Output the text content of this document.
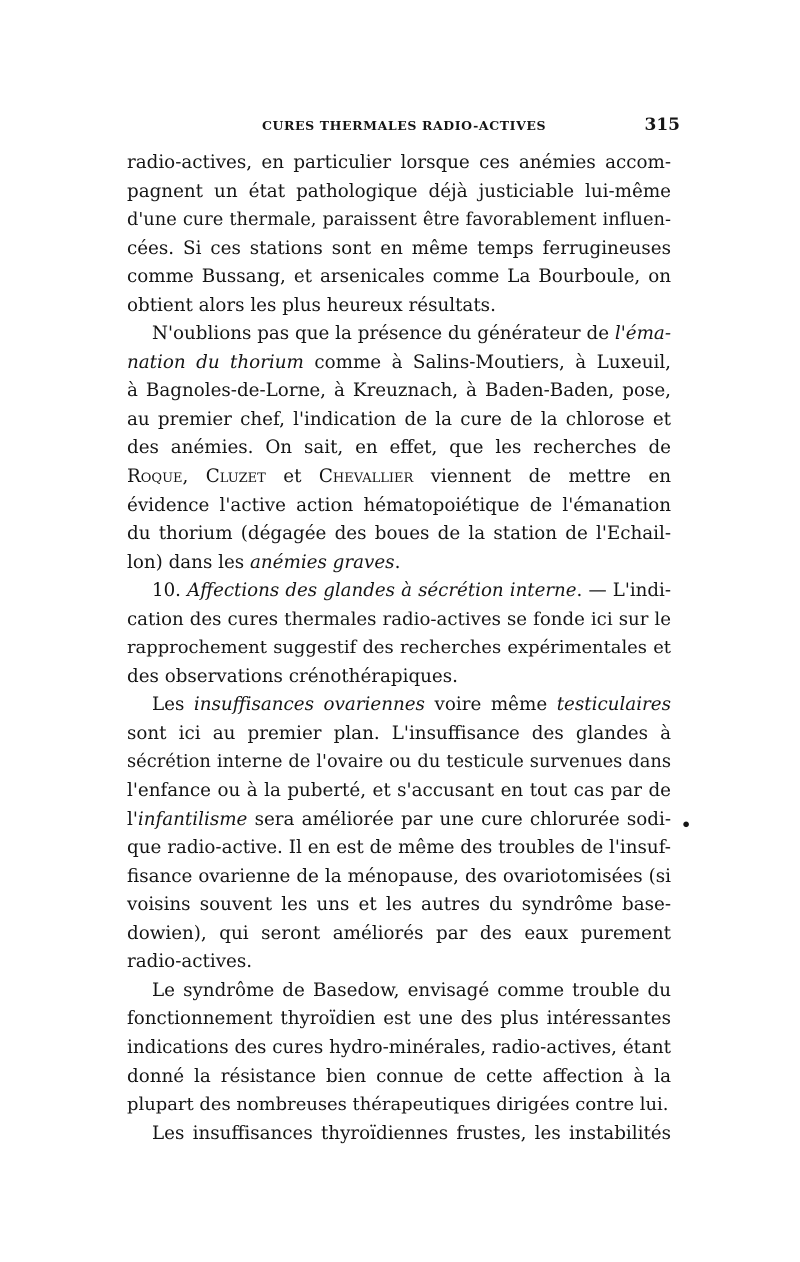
CURES THERMALES RADIO-ACTIVES	315
radio-actives, en particulier lorsque ces anémies accom-
pagnent un état pathologique déjà justiciable lui-même
d'une cure thermale, paraissent être favorablement influen-
cées. Si ces stations sont en même temps ferrugineuses
comme Bussang, et arsenicales comme La Bourboule, on
obtient alors les plus heureux résultats.
N'oublions pas que la présence du générateur de l'éma-
nation du thorium comme à Salins-Moutiers, à Luxeuil,
à Bagnoles-de-Lorne, à Kreuznach, à Baden-Baden, pose,
au premier chef, l'indication de la cure de la chlorose et
des anémies. On sait, en effet, que les recherches de
Roque, Cluzet et Chevallier viennent de mettre en
évidence l'active action hématopoiétique de l'émanation
du thorium (dégagée des boues de la station de l'Echail-
lon) dans les anémies graves.
10. Affections des glandes à sécrétion interne. — L'indi-
cation des cures thermales radio-actives se fonde ici sur le
rapprochement suggestif des recherches expérimentales et
des observations crénothérapiques.
Les insuffisances ovariennes voire même testiculaires
sont ici au premier plan. L'insuffisance des glandes à
sécrétion interne de l'ovaire ou du testicule survenues dans
l'enfance ou à la puberté, et s'accusant en tout cas par de
l'infantilisme sera améliorée par une cure chlorurée sodi-
que radio-active. Il en est de même des troubles de l'insuf-
fisance ovarienne de la ménopause, des ovariotomisées (si
voisins souvent les uns et les autres du syndrôme base-
dowien), qui seront améliorés par des eaux purement
radio-actives.
Le syndrôme de Basedow, envisagé comme trouble du
fonctionnement thyroïdien est une des plus intéressantes
indications des cures hydro-minérales, radio-actives, étant
donné la résistance bien connue de cette affection à la
plupart des nombreuses thérapeutiques dirigées contre lui.
Les insuffisances thyroïdiennes frustes, les instabilités
•
